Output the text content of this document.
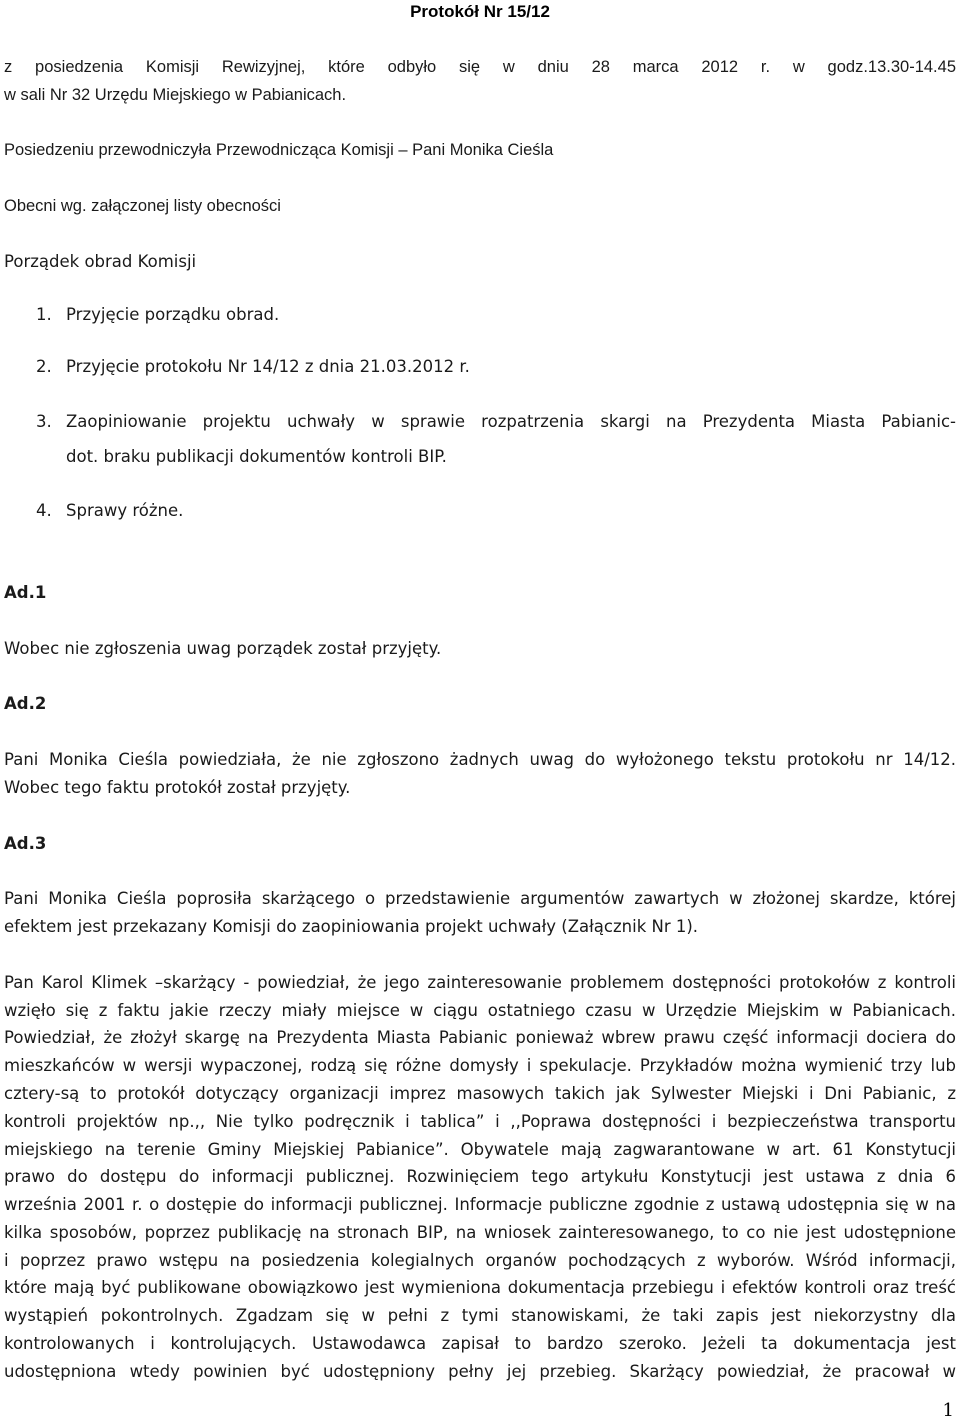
Protokół Nr 15/12
z posiedzenia Komisji Rewizyjnej, które odbyło się w dniu 28 marca 2012 r. w godz.13.30-14.45
w sali Nr 32 Urzędu Miejskiego w Pabianicach.
Posiedzeniu przewodniczyła Przewodnicząca Komisji – Pani Monika Cieśla
Obecni wg. załączonej listy obecności
Porządek obrad Komisji
1. Przyjęcie porządku obrad.
2. Przyjęcie protokołu Nr 14/12 z dnia 21.03.2012 r.
3. Zaopiniowanie projektu uchwały w sprawie rozpatrzenia skargi na Prezydenta Miasta Pabianic-
dot. braku publikacji dokumentów kontroli BIP.
4. Sprawy różne.
Ad.1
Wobec nie zgłoszenia uwag porządek został przyjęty.
Ad.2
Pani Monika Cieśla powiedziała, że nie zgłoszono żadnych uwag do wyłożonego tekstu protokołu nr 14/12.
Wobec tego faktu protokół został przyjęty.
Ad.3
Pani Monika Cieśla poprosiła skarżącego o przedstawienie argumentów zawartych w złożonej skardze, której
efektem jest przekazany Komisji do zaopiniowania projekt uchwały (Załącznik Nr 1).
Pan Karol Klimek –skarżący - powiedział, że jego zainteresowanie problemem dostępności protokołów z kontroli
wzięło się z faktu jakie rzeczy miały miejsce w ciągu ostatniego czasu w Urzędzie Miejskim w Pabianicach.
Powiedział, że złożył skargę na Prezydenta Miasta Pabianic ponieważ wbrew prawu część informacji dociera do
mieszkańców w wersji wypaczonej, rodzą się różne domysły i spekulacje. Przykładów można wymienić trzy lub
cztery-są to protokół dotyczący organizacji imprez masowych takich jak Sylwester Miejski i Dni Pabianic, z
kontroli projektów np.,, Nie tylko podręcznik i tablica” i ,,Poprawa dostępności i bezpieczeństwa transportu
miejskiego na terenie Gminy Miejskiej Pabianice”. Obywatele mają zagwarantowane w art. 61 Konstytucji
prawo do dostępu do informacji publicznej. Rozwinięciem tego artykułu Konstytucji jest ustawa z dnia 6
września 2001 r. o dostępie do informacji publicznej. Informacje publiczne zgodnie z ustawą udostępnia się w na
kilka sposobów, poprzez publikację na stronach BIP, na wniosek zainteresowanego, to co nie jest udostępnione
i poprzez prawo wstępu na posiedzenia kolegialnych organów pochodzących z wyborów. Wśród informacji,
które mają być publikowane obowiązkowo jest wymieniona dokumentacja przebiegu i efektów kontroli oraz treść
wystąpień pokontrolnych. Zgadzam się w pełni z tymi stanowiskami, że taki zapis jest niekorzystny dla
kontrolowanych i kontrolujących. Ustawodawca zapisał to bardzo szeroko. Jeżeli ta dokumentacja jest
udostępniona wtedy powinien być udostępniony pełny jej przebieg. Skarżący powiedział, że pracował w
1
